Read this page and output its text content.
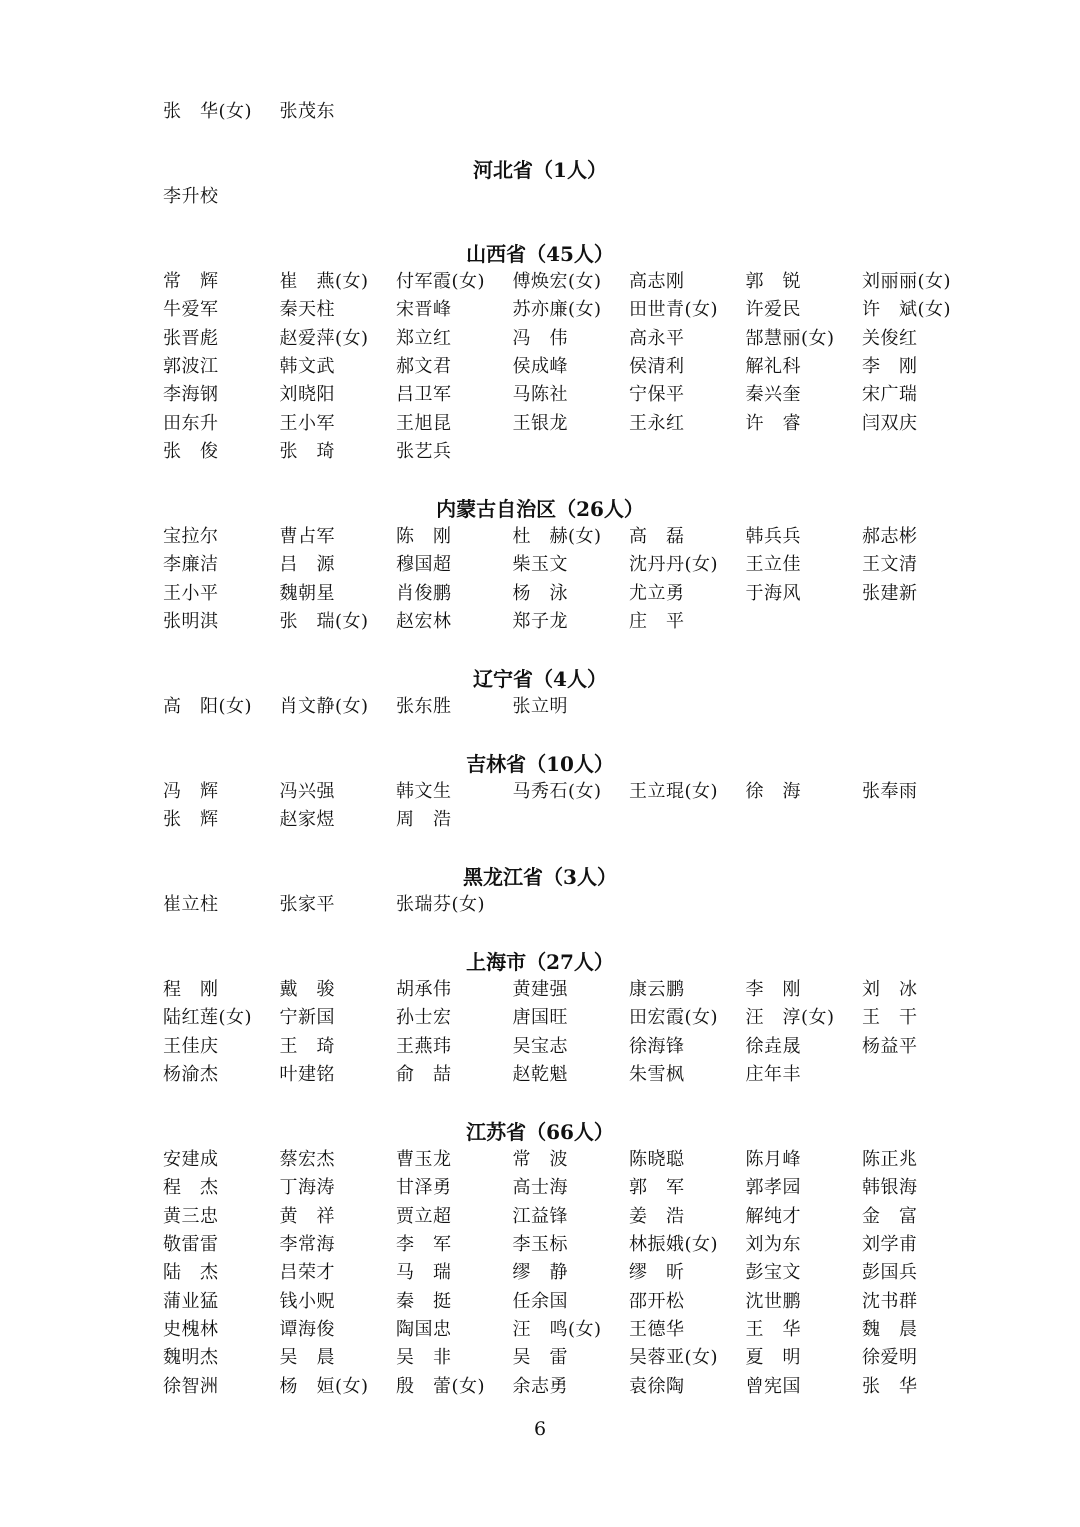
张　华(女)	张茂东
河北省（1人）
李升校
山西省（45人）
常　辉	崔　燕(女)	付军霞(女)	傅焕宏(女)	高志刚	郭　锐	刘丽丽(女)
牛爱军	秦天柱	宋晋峰	苏亦廉(女)	田世青(女)	许爱民	许　斌(女)
张晋彪	赵爱萍(女)	郑立红	冯　伟	高永平	郜慧丽(女)	关俊红
郭波江	韩文武	郝文君	侯成峰	侯清利	解礼科	李　刚
李海钢	刘晓阳	吕卫军	马陈社	宁保平	秦兴奎	宋广瑞
田东升	王小军	王旭昆	王银龙	王永红	许　睿	闫双庆
张　俊	张　琦	张艺兵
内蒙古自治区（26人）
宝拉尔	曹占军	陈　刚	杜　赫(女)	高　磊	韩兵兵	郝志彬
李廉洁	吕　源	穆国超	柴玉文	沈丹丹(女)	王立佳	王文清
王小平	魏朝星	肖俊鹏	杨　泳	尤立勇	于海风	张建新
张明淇	张　瑞(女)	赵宏林	郑子龙	庄　平
辽宁省（4人）
高　阳(女)	肖文静(女)	张东胜	张立明
吉林省（10人）
冯　辉	冯兴强	韩文生	马秀石(女)	王立琨(女)	徐　海	张奉雨
张　辉	赵家煜	周　浩
黑龙江省（3人）
崔立柱	张家平	张瑞芬(女)
上海市（27人）
程　刚	戴　骏	胡承伟	黄建强	康云鹏	李　刚	刘　冰
陆红莲(女)	宁新国	孙士宏	唐国旺	田宏霞(女)	汪　淳(女)	王　干
王佳庆	王　琦	王燕玮	吴宝志	徐海锋	徐垚晟	杨益平
杨渝杰	叶建铭	俞　喆	赵乾魁	朱雪枫	庄年丰
江苏省（66人）
安建成	蔡宏杰	曹玉龙	常　波	陈晓聪	陈月峰	陈正兆
程　杰	丁海涛	甘泽勇	高士海	郭　军	郭孝园	韩银海
黄三忠	黄　祥	贾立超	江益锋	姜　浩	解纯才	金　富
敬雷雷	李常海	李　军	李玉标	林振娥(女)	刘为东	刘学甫
陆　杰	吕荣才	马　瑞	缪　静	缪　昕	彭宝文	彭国兵
蒲业猛	钱小贶	秦　挺	任余国	邵开松	沈世鹏	沈书群
史槐林	谭海俊	陶国忠	汪　鸣(女)	王德华	王　华	魏　晨
魏明杰	吴　晨	吴　非	吴　雷	吴蓉亚(女)	夏　明	徐爱明
徐智洲	杨　姮(女)	殷　蕾(女)	余志勇	袁徐陶	曾宪国	张　华
6
